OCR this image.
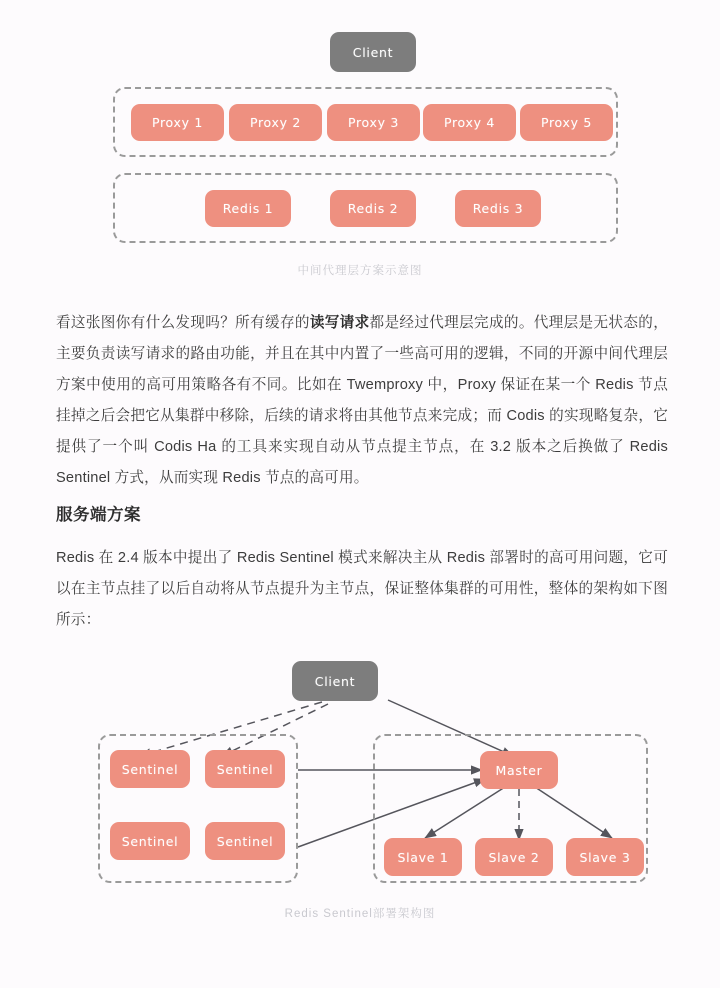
Client
Proxy 1	Proxy 2	Proxy 3	Proxy 4	Proxy 5
Redis 1	Redis 2	Redis 3
中间代理层方案示意图
看这张图你有什么发现吗？所有缓存的读写请求都是经过代理层完成的。代理层是无状态的，主要负责读写请求的路由功能，并且在其中内置了一些高可用的逻辑，不同的开源中间代理层方案中使用的高可用策略各有不同。比如在 Twemproxy 中，Proxy 保证在某一个 Redis 节点挂掉之后会把它从集群中移除，后续的请求将由其他节点来完成；而 Codis 的实现略复杂，它提供了一个叫 Codis Ha 的工具来实现自动从节点提主节点，在 3.2 版本之后换做了 Redis Sentinel 方式，从而实现 Redis 节点的高可用。
服务端方案
Redis 在 2.4 版本中提出了 Redis Sentinel 模式来解决主从 Redis 部署时的高可用问题，它可以在主节点挂了以后自动将从节点提升为主节点，保证整体集群的可用性，整体的架构如下图所示：
Client
Sentinel	Sentinel
Sentinel	Sentinel
Master
Slave 1	Slave 2	Slave 3
Redis Sentinel部署架构图
